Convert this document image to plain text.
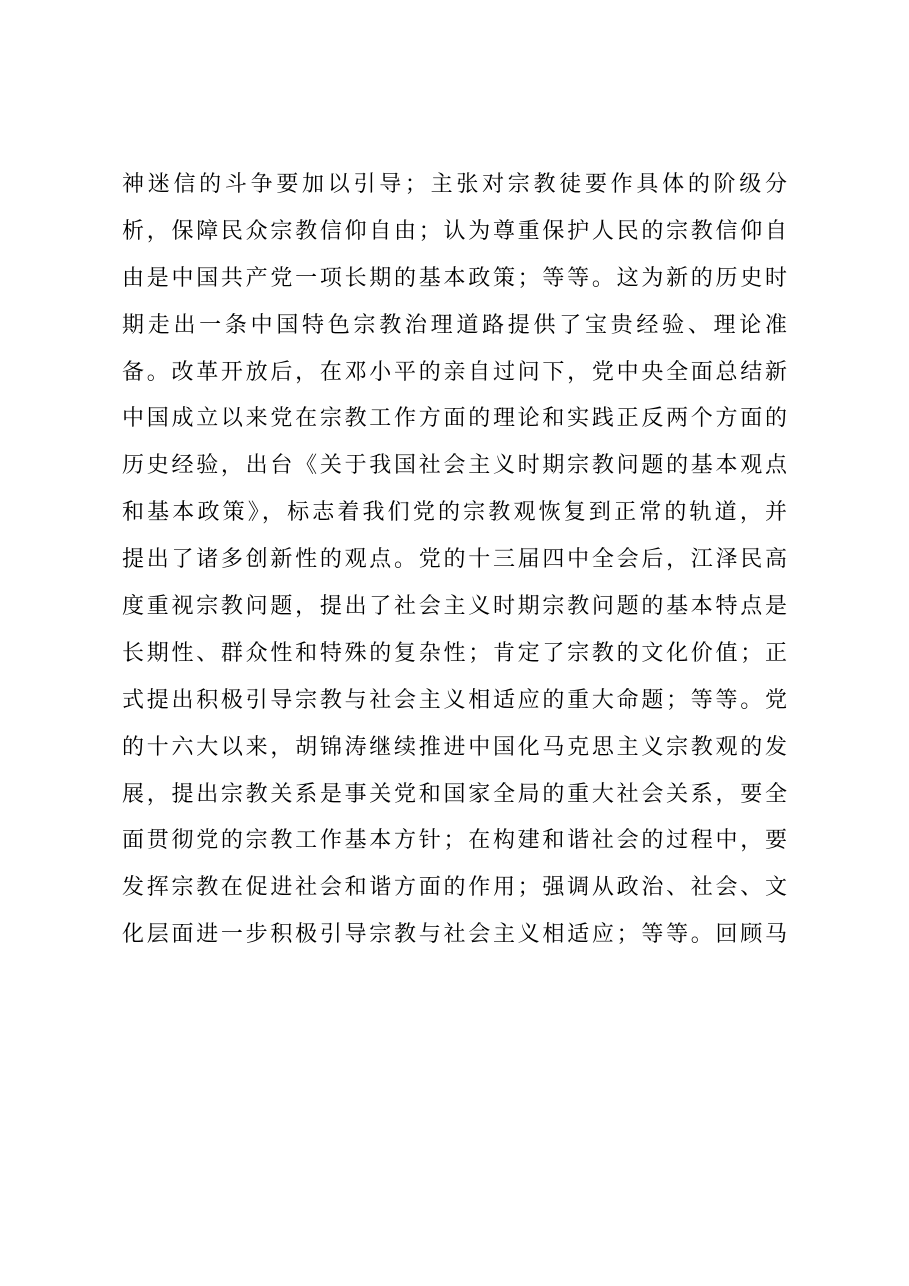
神迷信的斗争要加以引导；主张对宗教徒要作具体的阶级分
析，保障民众宗教信仰自由；认为尊重保护人民的宗教信仰自
由是中国共产党一项长期的基本政策；等等。这为新的历史时
期走出一条中国特色宗教治理道路提供了宝贵经验、理论准
备。改革开放后，在邓小平的亲自过问下，党中央全面总结新
中国成立以来党在宗教工作方面的理论和实践正反两个方面的
历史经验，出台《关于我国社会主义时期宗教问题的基本观点
和基本政策》，标志着我们党的宗教观恢复到正常的轨道，并
提出了诸多创新性的观点。党的十三届四中全会后，江泽民高
度重视宗教问题，提出了社会主义时期宗教问题的基本特点是
长期性、群众性和特殊的复杂性；肯定了宗教的文化价值；正
式提出积极引导宗教与社会主义相适应的重大命题；等等。党
的十六大以来，胡锦涛继续推进中国化马克思主义宗教观的发
展，提出宗教关系是事关党和国家全局的重大社会关系，要全
面贯彻党的宗教工作基本方针；在构建和谐社会的过程中，要
发挥宗教在促进社会和谐方面的作用；强调从政治、社会、文
化层面进一步积极引导宗教与社会主义相适应；等等。回顾马
